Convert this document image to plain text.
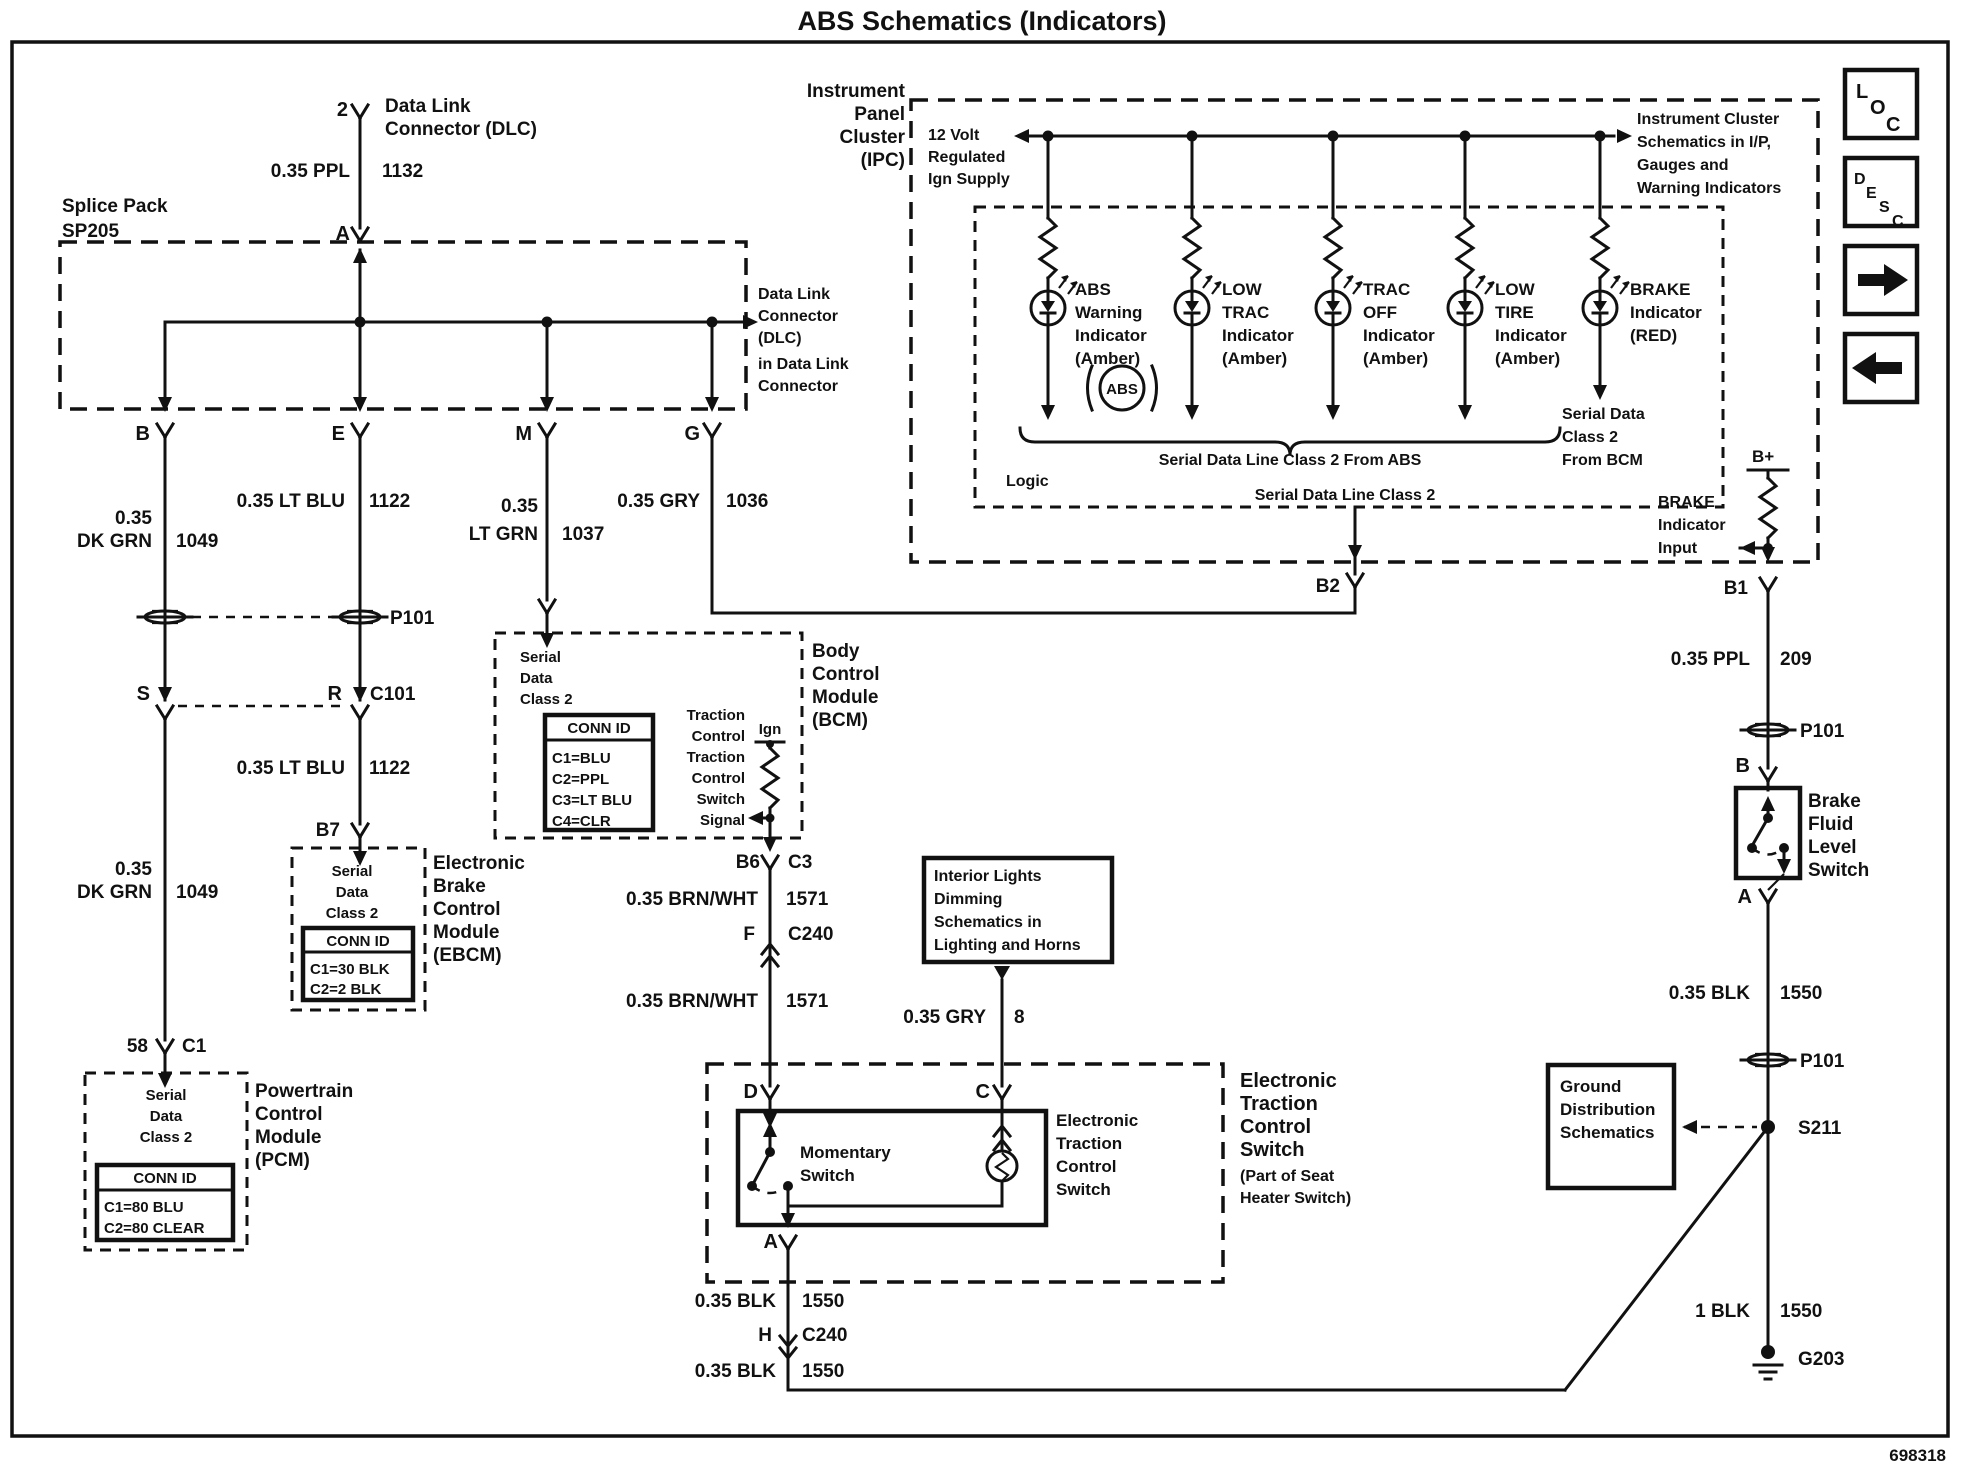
ABS Schematics (Indicators)
698318
2 Data Link
Connector (DLC)
0.35 PPL 1132
A
Splice Pack
SP205
B	E	M	G
Data Link
Connector
(DLC)
in Data Link
Connector
0.35
DK GRN 1049
0.35 LT BLU 1122	0.35
LT GRN 1037
0.35 GRY 1036
P101
S	R C101
0.35 LT BLU 1122
0.35
DK GRN 1049
B7
58 C1
Serial
Data
Class 2
CONN ID
C1=30 BLK
C2=2 BLK
Electronic
Brake
Control
Module
(EBCM)
Serial
Data
Class 2
CONN ID
C1=80 BLU
C2=80 CLEAR
Powertrain
Control
Module
(PCM)
Serial
Data
Class 2
CONN ID
C1=BLU
C2=PPL
C3=LT BLU
C4=CLR
Traction
Control
Traction
Control
Switch
Signal
Ign
Body
Control
Module
(BCM)
B6 C3
0.35 BRN/WHT 1571
F C240
0.35 BRN/WHT 1571
Interior Lights
Dimming
Schematics in
Lighting and Horns
0.35 GRY 8
D	C
Momentary
Switch
Electronic
Traction
Control
Switch
Electronic
Traction
Control
Switch
(Part of Seat
Heater Switch)
A
0.35 BLK 1550
H C240
0.35 BLK 1550
Instrument
Panel
Cluster
(IPC)
12 Volt
Regulated
Ign Supply
Instrument Cluster
Schematics in I/P,
Gauges and
Warning Indicators
ABS
Warning
Indicator
(Amber)
LOW
TRAC
Indicator
(Amber)
TRAC
OFF
Indicator
(Amber)
LOW
TIRE
Indicator
(Amber)
BRAKE
Indicator
(RED)
ABS
Serial Data Line Class 2 From ABS
Logic
Serial Data Line Class 2
Serial Data
Class 2
From BCM	B+
BRAKE
Indicator
Input
B1
B2
0.35 PPL 209
P101
B
Brake
Fluid
Level
Switch
A
0.35 BLK 1550
P101
S211
Ground
Distribution
Schematics
1 BLK 1550
G203
L
O
C
D
E
S
C
